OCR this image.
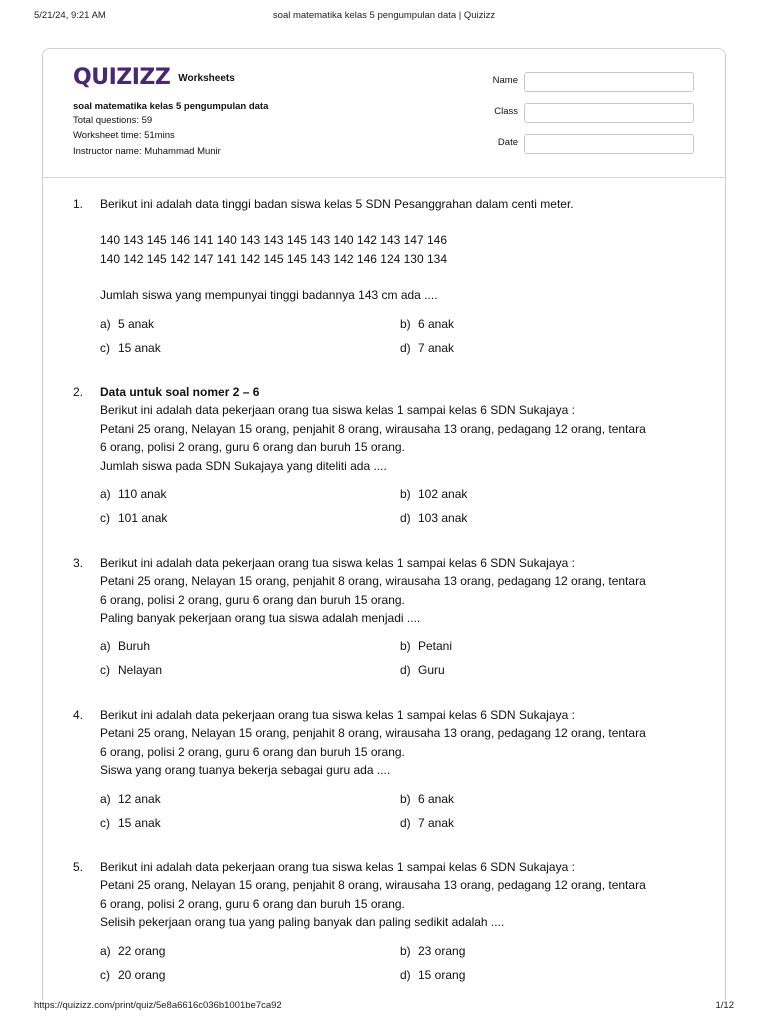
soal matematika kelas 5 pengumpulan data | Quizizz
5/21/24, 9:21 AM
Q UIZIZZ Worksheets
soal matematika kelas 5 pengumpulan data
Total questions: 59
Worksheet time: 51mins
Instructor name: Muhammad Munir
Name
Class
Date
1. Berikut ini adalah data tinggi badan siswa kelas 5 SDN Pesanggrahan dalam centi meter.
140 143 145 146 141 140 143 143 145 143 140 142 143 147 146
140 142 145 142 147 141 142 145 145 143 142 146 124 130 134
Jumlah siswa yang mempunyai tinggi badannya 143 cm ada ....
a) 5 anak	b) 6 anak
c) 15 anak	d) 7 anak
2. Data untuk soal nomer 2 – 6
Berikut ini adalah data pekerjaan orang tua siswa kelas 1 sampai kelas 6 SDN Sukajaya :
Petani 25 orang, Nelayan 15 orang, penjahit 8 orang, wirausaha 13 orang, pedagang 12 orang, tentara
6 orang, polisi 2 orang, guru 6 orang dan buruh 15 orang.
Jumlah siswa pada SDN Sukajaya yang diteliti ada ....
a) 110 anak	b) 102 anak
c) 101 anak	d) 103 anak
3. Berikut ini adalah data pekerjaan orang tua siswa kelas 1 sampai kelas 6 SDN Sukajaya :
Petani 25 orang, Nelayan 15 orang, penjahit 8 orang, wirausaha 13 orang, pedagang 12 orang, tentara
6 orang, polisi 2 orang, guru 6 orang dan buruh 15 orang.
Paling banyak pekerjaan orang tua siswa adalah menjadi ....
a) Buruh	b) Petani
c) Nelayan	d) Guru
4. Berikut ini adalah data pekerjaan orang tua siswa kelas 1 sampai kelas 6 SDN Sukajaya :
Petani 25 orang, Nelayan 15 orang, penjahit 8 orang, wirausaha 13 orang, pedagang 12 orang, tentara
6 orang, polisi 2 orang, guru 6 orang dan buruh 15 orang.
Siswa yang orang tuanya bekerja sebagai guru ada ....
a) 12 anak	b) 6 anak
c) 15 anak	d) 7 anak
5. Berikut ini adalah data pekerjaan orang tua siswa kelas 1 sampai kelas 6 SDN Sukajaya :
Petani 25 orang, Nelayan 15 orang, penjahit 8 orang, wirausaha 13 orang, pedagang 12 orang, tentara
6 orang, polisi 2 orang, guru 6 orang dan buruh 15 orang.
Selisih pekerjaan orang tua yang paling banyak dan paling sedikit adalah ....
a) 22 orang	b) 23 orang
c) 20 orang	d) 15 orang
https://quizizz.com/print/quiz/5e8a6616c036b1001be7ca92	1/12
